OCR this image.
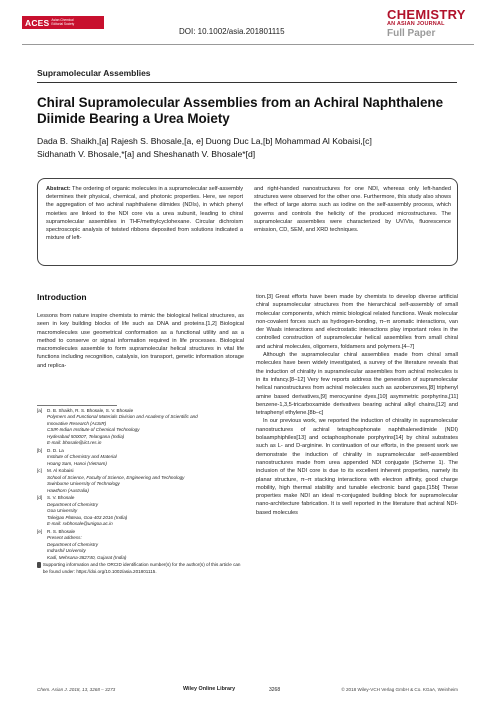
ACES Asian Chemical Editorial Society
DOI: 10.1002/asia.201801115
CHEMISTRY
AN ASIAN JOURNAL
Full Paper
Supramolecular Assemblies
Chiral Supramolecular Assemblies from an Achiral Naphthalene Diimide Bearing a Urea Moiety
Dada B. Shaikh,[a] Rajesh S. Bhosale,[a, e] Duong Duc La,[b] Mohammad Al Kobaisi,[c]
Sidhanath V. Bhosale,*[a] and Sheshanath V. Bhosale*[d]
Abstract: The ordering of organic molecules in a supramolecular self-assembly determines their physical, chemical, and photonic properties. Here, we report the aggregation of two achiral naphthalene diimides (NDIs), in which phenyl moieties are linked to the NDI core via a urea subunit, leading to chiral supramolecular assemblies in THF/methylcyclohexane. Circular dichroism spectroscopic analysis of twisted ribbons deposited from solutions indicated a mixture of left-
and right-handed nanostructures for one NDI, whereas only left-handed structures were observed for the other one. Furthermore, this study also shows the effect of large atoms such as iodine on the self-assembly process, which governs and controls the helicity of the produced microstructures. The supramolecular assemblies were characterized by UV/Vis, fluorescence emission, CD, SEM, and XRD techniques.
Introduction

Lessons from nature inspire chemists to mimic the biological helical structures, as seen in key building blocks of life such as DNA and proteins.[1,2] Biological macromolecules use geometrical conformation as a functional utility and as a method to conserve or signal information required in life processes. Biological macromolecules assemble to form supramolecular helical structures in vital life functions including recognition, catalysis, ion transport, genetic information storage and replica-

[a]	D. B. Shaikh, R. S. Bhosale, S. V. Bhosale
Polymers and Functional Materials Division and Academy of Scientific and
Innovative Research (AcSIR)
CSIR-Indian Institute of Chemical Technology
Hyderabad 500007, Telangana (India)
E-mail: bhosale@iict.res.in
[b]	D. D. La
Institute of Chemistry and Material
Hoang Sam, Hanoi (Vietnam)
[c]	M. Al Kobaisi
School of Science, Faculty of Science, Engineering and Technology
Swinburne University of Technology
Hawthorn (Australia)
[d]	S. V. Bhosale
Department of Chemistry
Goa University
Taleigao Plateau, Goa-403 2016 (India)
E-mail: svbhosale@unigoa.ac.in
[e]	R. S. Bhosale
Present address:
Department of Chemistry
Indrashil University
Kadi, Mehsana-382740, Gujarat (India)
Supporting information and the ORCID identification number(s) for the author(s) of this article can be found under: https://doi.org/10.1002/asia.201801115.

tion.[3] Great efforts have been made by chemists to develop diverse artificial chiral supramolecular structures from the hierarchical self-assembly of small molecular components, which mimic biological related functions. Weak molecular non-covalent forces such as hydrogen-bonding, π–π aromatic interactions, van der Waals interactions and electrostatic interactions play important roles in the controlled construction of supramolecular helical assemblies from small chiral and achiral molecules, oligomers, foldamers and polymers.[4–7]

Although the supramolecular chiral assemblies made from chiral small molecules have been widely investigated, a survey of the literature reveals that the induction of chirality in supramolecular assemblies from achiral molecules is in its infancy.[8–12] Very few reports address the generation of supramolecular helical nanostructures from achiral molecules such as azobenzenes,[8] triphenyl amine based derivatives,[9] merocyanine dyes,[10] asymmetric porphyrins,[11] benzene-1,3,5-tricarboxamide derivatives bearing achiral alkyl chains,[12] and tetraphenyl ethylene.[8b–c]

In our previous work, we reported the induction of chirality in supramolecular nanostructures of achiral tetraphosphonate naphthalenediimide (NDI) bolaamphiphiles[13] and octaphosphonate porphyrins[14] by chiral substrates such as L- and D-arginine. In continuation of our efforts, in the present work we demonstrate the induction of chirality in supramolecular self-assembled nanostructures made from urea appended NDI conjugate (Scheme 1). The inclusion of the NDI core is due to its excellent inherent properties, namely its planar structure, π–π stacking interactions with electron affinity, good charge mobility, high thermal stability and tunable electronic band gaps.[15b] These properties make NDI an ideal π-conjugated building block for supramolecular nano-architecture fabrication. It is well reported in the literature that achiral NDI-based molecules

Chem. Asian J. 2018, 13, 3268 – 3273	Wiley Online Library	3268	© 2018 Wiley-VCH Verlag GmbH & Co. KGaA, Weinheim
